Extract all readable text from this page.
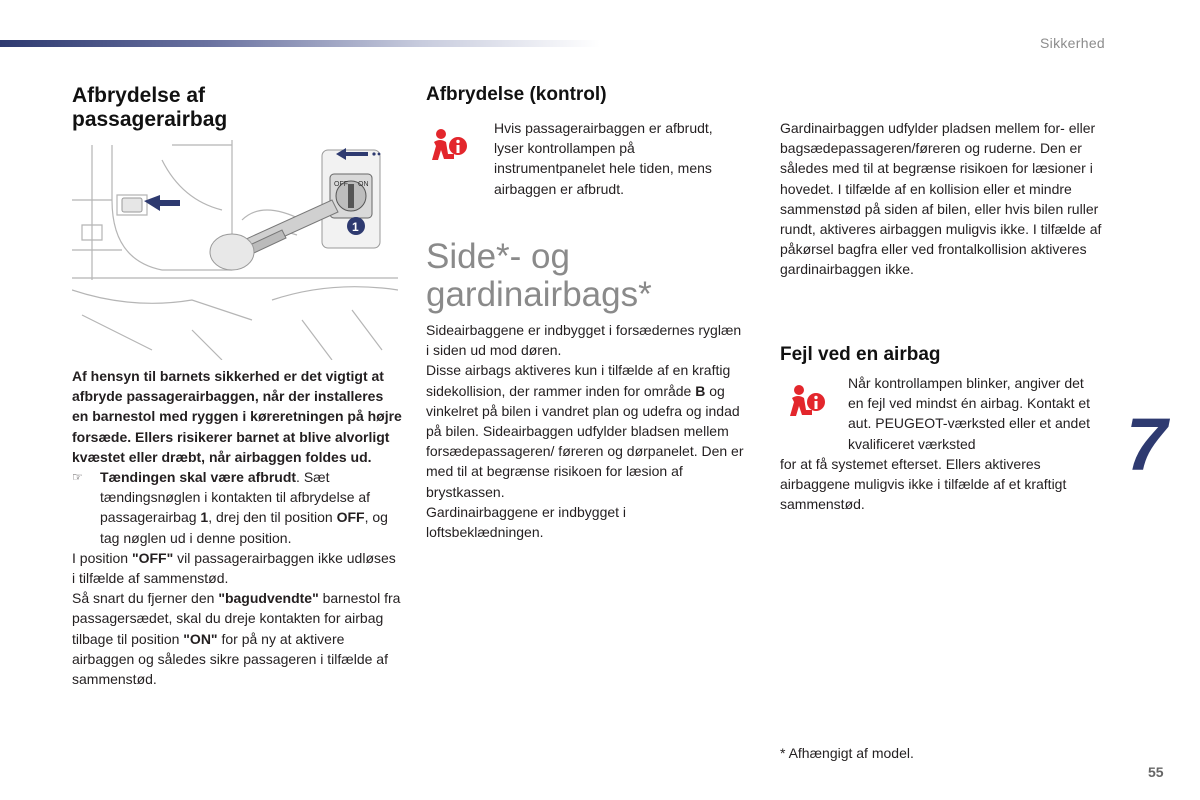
Sikkerhed
7
55
Afbrydelse af
passagerairbag
OFF ON
1

Af hensyn til barnets sikkerhed er det vigtigt at afbryde passagerairbaggen, når der installeres en barnestol med ryggen i køreretningen på højre forsæde. Ellers risikerer barnet at blive alvorligt kvæstet eller dræbt, når airbaggen foldes ud.

☞	Tændingen skal være afbrudt. Sæt tændingsnøglen i kontakten til afbrydelse af passagerairbag 1, drej den til position OFF, og tag nøglen ud i denne position.

I position "OFF" vil passagerairbaggen ikke udløses i tilfælde af sammenstød.

Så snart du fjerner den "bagudvendte" barnestol fra passagersædet, skal du dreje kontakten for airbag tilbage til position "ON" for på ny at aktivere airbaggen og således sikre passageren i tilfælde af sammenstød.

Afbrydelse (kontrol)

Hvis passagerairbaggen er afbrudt, lyser kontrollampen på instrumentpanelet hele tiden, mens airbaggen er afbrudt.

Side*- og
gardinairbags*

Sideairbaggene er indbygget i forsædernes ryglæn i siden ud mod døren.

Disse airbags aktiveres kun i tilfælde af en kraftig sidekollision, der rammer inden for område B og vinkelret på bilen i vandret plan og udefra og indad på bilen. Sideairbaggen udfylder bladsen mellem forsædepassageren/ føreren og dørpanelet. Den er med til at begrænse risikoen for læsion af brystkassen.

Gardinairbaggene er indbygget i loftsbeklædningen.

Gardinairbaggen udfylder pladsen mellem for- eller bagsædepassageren/føreren og ruderne. Den er således med til at begrænse risikoen for læsioner i hovedet. I tilfælde af en kollision eller et mindre sammenstød på siden af bilen, eller hvis bilen ruller rundt, aktiveres airbaggen muligvis ikke. I tilfælde af påkørsel bagfra eller ved frontalkollision aktiveres gardinairbaggen ikke.

Fejl ved en airbag

Når kontrollampen blinker, angiver det en fejl ved mindst én airbag. Kontakt et aut. PEUGEOT-værksted eller et andet kvalificeret værksted

for at få systemet efterset. Ellers aktiveres airbaggene muligvis ikke i tilfælde af et kraftigt sammenstød.

* Afhængigt af model.
